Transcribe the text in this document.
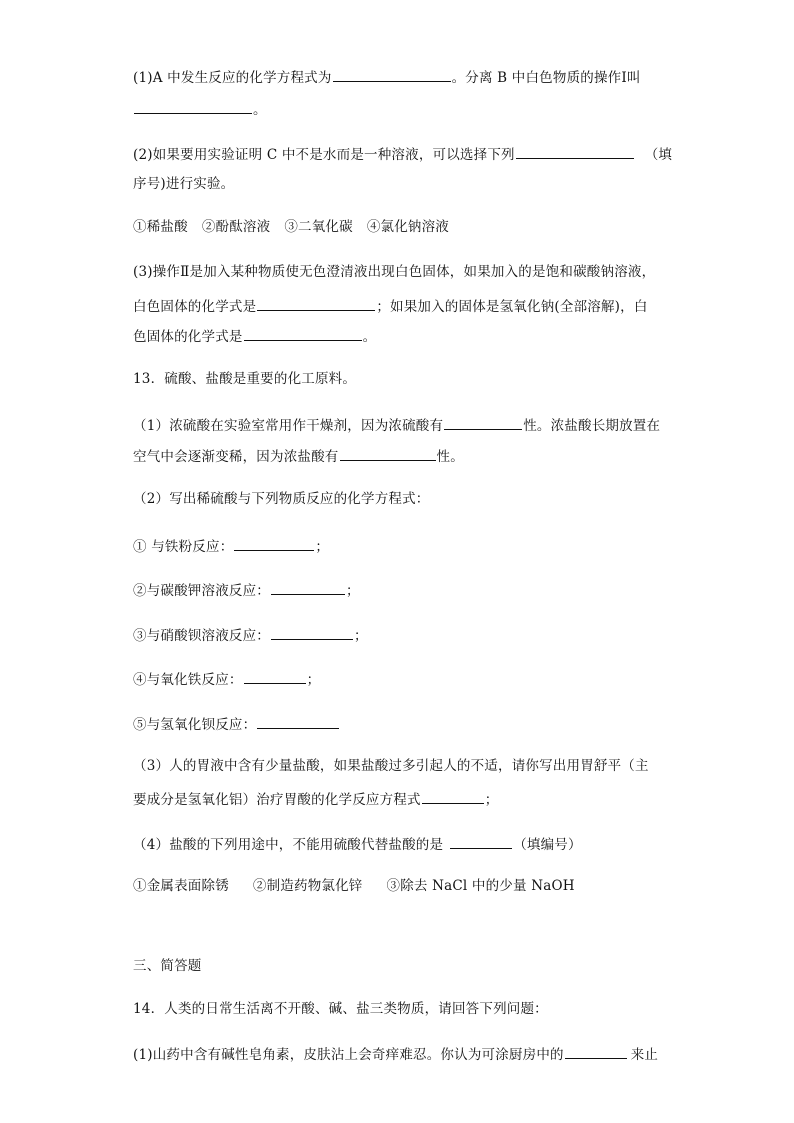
(1)A 中发生反应的化学方程式为	。分离 B 中白色物质的操作Ⅰ叫
。
(2)如果要用实验证明 C 中不是水而是一种溶液，可以选择下列	（填
序号)进行实验。
①稀盐酸 ②酚酞溶液 ③二氧化碳 ④氯化钠溶液
(3)操作Ⅱ是加入某种物质使无色澄清液出现白色固体，如果加入的是饱和碳酸钠溶液，
白色固体的化学式是	；如果加入的固体是氢氧化钠(全部溶解)，白
色固体的化学式是	。
13．硫酸、盐酸是重要的化工原料。
（1）浓硫酸在实验室常用作干燥剂，因为浓硫酸有	性。浓盐酸长期放置在
空气中会逐渐变稀，因为浓盐酸有	性。
（2）写出稀硫酸与下列物质反应的化学方程式：
① 与铁粉反应：	；
②与碳酸钾溶液反应：	；
③与硝酸钡溶液反应：	；
④与氧化铁反应：	；
⑤与氢氧化钡反应：
（3）人的胃液中含有少量盐酸，如果盐酸过多引起人的不适，请你写出用胃舒平（主
要成分是氢氧化铝）治疗胃酸的化学反应方程式	；
（4）盐酸的下列用途中，不能用硫酸代替盐酸的是	（填编号）
①金属表面除锈 ②制造药物氯化锌 ③除去 NaCl 中的少量 NaOH
三、简答题
14．人类的日常生活离不开酸、碱、盐三类物质，请回答下列问题：
(1)山药中含有碱性皂角素，皮肤沾上会奇痒难忍。你认为可涂厨房中的	来止
